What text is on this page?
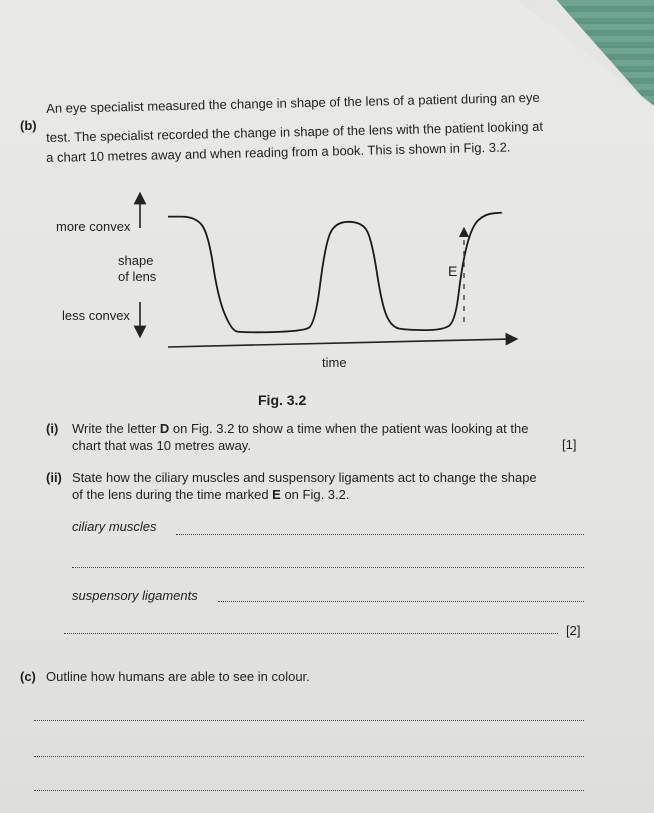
(b)
An eye specialist measured the change in shape of the lens of a patient during an eye
test. The specialist recorded the change in shape of the lens with the patient looking at
a chart 10 metres away and when reading from a book. This is shown in Fig. 3.2.
more convex
shape
of lens
less convex
time
E
Fig. 3.2
(i) Write the letter D on Fig. 3.2 to show a time when the patient was looking at the
chart that was 10 metres away.	[1]
(ii) State how the ciliary muscles and suspensory ligaments act to change the shape
of the lens during the time marked E on Fig. 3.2.
ciliary muscles
suspensory ligaments
[2]
(c) Outline how humans are able to see in colour.
